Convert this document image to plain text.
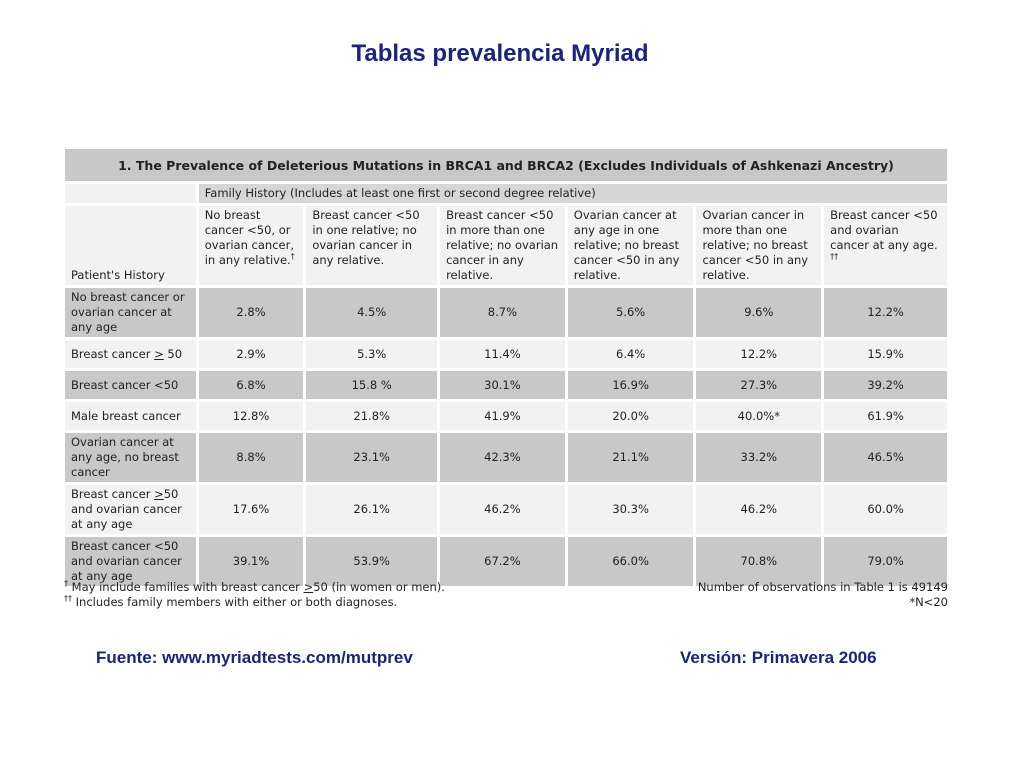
Tablas prevalencia Myriad
1. The Prevalence of Deleterious Mutations in BRCA1 and BRCA2 (Excludes Individuals of Ashkenazi Ancestry)						
	Family History (Includes at least one first or second degree relative)					
Patient's History	No breast cancer <50, or ovarian cancer, in any relative.†	Breast cancer <50 in one relative; no ovarian cancer in any relative.	Breast cancer <50 in more than one relative; no ovarian cancer in any relative.	Ovarian cancer at any age in one relative; no breast cancer <50 in any relative.	Ovarian cancer in more than one relative; no breast cancer <50 in any relative.	Breast cancer <50 and ovarian cancer at any age. ††
No breast cancer or ovarian cancer at any age	2.8%	4.5%	8.7%	5.6%	9.6%	12.2%
Breast cancer > 50	2.9%	5.3%	11.4%	6.4%	12.2%	15.9%
Breast cancer <50	6.8%	15.8 %	30.1%	16.9%	27.3%	39.2%
Male breast cancer	12.8%	21.8%	41.9%	20.0%	40.0%*	61.9%
Ovarian cancer at any age, no breast cancer	8.8%	23.1%	42.3%	21.1%	33.2%	46.5%
Breast cancer >50 and ovarian cancer at any age	17.6%	26.1%	46.2%	30.3%	46.2%	60.0%
Breast cancer <50 and ovarian cancer at any age	39.1%	53.9%	67.2%	66.0%	70.8%	79.0%
† May include families with breast cancer >50 (in women or men).
†† Includes family members with either or both diagnoses.
Number of observations in Table 1 is 49149
*N<20
Fuente: www.myriadtests.com/mutprev	Versión: Primavera 2006
